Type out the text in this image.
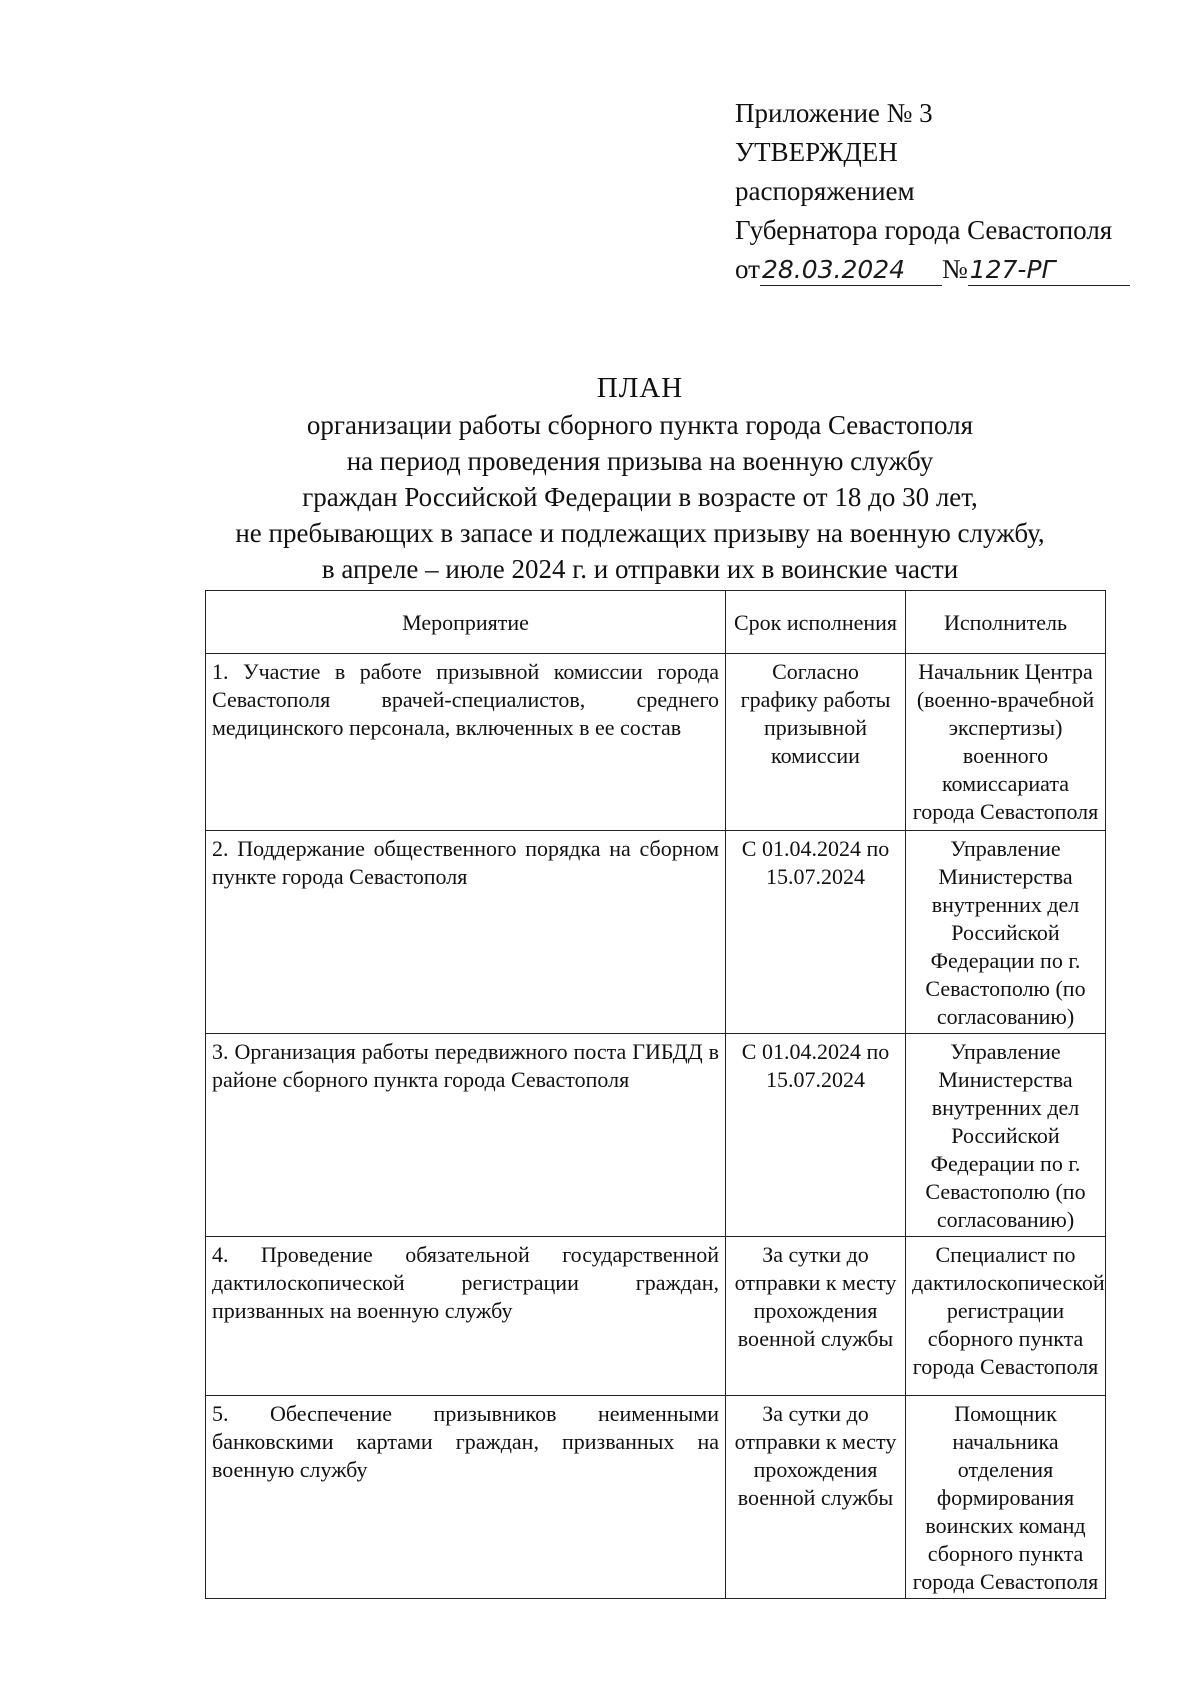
Приложение № 3
УТВЕРЖДЕН
распоряжением
Губернатора города Севастополя
от28.03.2024 №127-РГ
ПЛАН
организации работы сборного пункта города Севастополя
на период проведения призыва на военную службу
граждан Российской Федерации в возрасте от 18 до 30 лет,
не пребывающих в запасе и подлежащих призыву на военную службу,
в апреле – июле 2024 г. и отправки их в воинские части
Мероприятие	Срок исполнения	Исполнитель
1. Участие в работе призывной комиссии города Севастополя врачей-специалистов, среднего медицинского персонала, включенных в ее состав	Согласно графику работы призывной комиссии	Начальник Центра (военно-врачебной экспертизы) военного комиссариата города Севастополя
2. Поддержание общественного порядка на сборном пункте города Севастополя	С 01.04.2024 по 15.07.2024	Управление Министерства внутренних дел Российской Федерации по г. Севастополю (по согласованию)
3. Организация работы передвижного поста ГИБДД в районе сборного пункта города Севастополя	С 01.04.2024 по 15.07.2024	Управление Министерства внутренних дел Российской Федерации по г. Севастополю (по согласованию)
4. Проведение обязательной государственной дактилоскопической регистрации граждан, призванных на военную службу	За сутки до отправки к месту прохождения военной службы	Специалист по дактилоскопической регистрации сборного пункта города Севастополя
5. Обеспечение призывников неименными банковскими картами граждан, призванных на военную службу	За сутки до отправки к месту прохождения военной службы	Помощник начальника отделения формирования воинских команд сборного пункта города Севастополя
